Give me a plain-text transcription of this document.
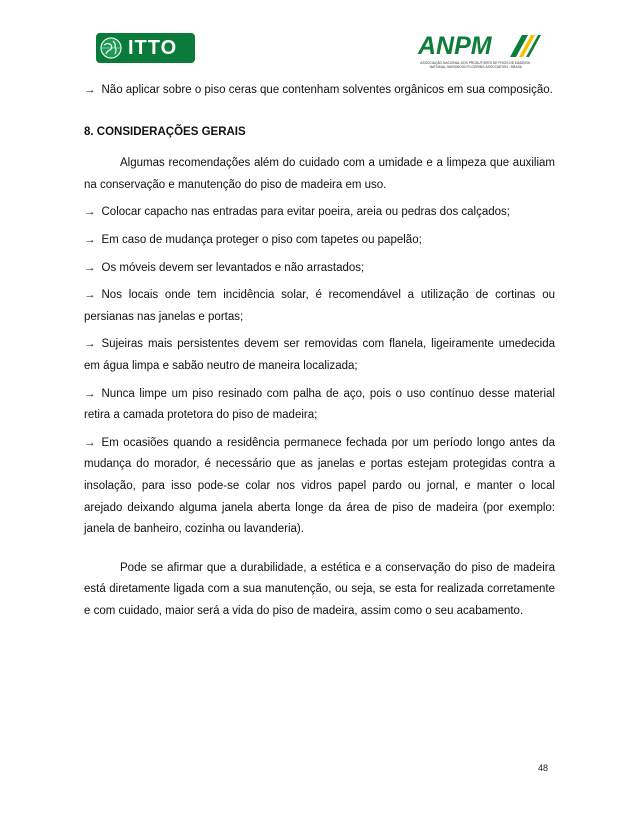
ITTO	ANPM
ASSOCIAÇÃO NACIONAL DOS PRODUTORES DE PISOS DE MADEIRA · NATIONAL HARDWOOD FLOORING ASSOCIATION · BRASIL

→ Não aplicar sobre o piso ceras que contenham solventes orgânicos em sua composição.

8. CONSIDERAÇÕES GERAIS

Algumas recomendações além do cuidado com a umidade e a limpeza que auxiliam na conservação e manutenção do piso de madeira em uso.

→ Colocar capacho nas entradas para evitar poeira, areia ou pedras dos calçados;

→ Em caso de mudança proteger o piso com tapetes ou papelão;

→ Os móveis devem ser levantados e não arrastados;

→ Nos locais onde tem incidência solar, é recomendável a utilização de cortinas ou persianas nas janelas e portas;

→ Sujeiras mais persistentes devem ser removidas com flanela, ligeiramente umedecida em água limpa e sabão neutro de maneira localizada;

→ Nunca limpe um piso resinado com palha de aço, pois o uso contínuo desse material retira a camada protetora do piso de madeira;

→ Em ocasiões quando a residência permanece fechada por um período longo antes da mudança do morador, é necessário que as janelas e portas estejam protegidas contra a insolação, para isso pode-se colar nos vidros papel pardo ou jornal, e manter o local arejado deixando alguma janela aberta longe da área de piso de madeira (por exemplo: janela de banheiro, cozinha ou lavanderia).

Pode se afirmar que a durabilidade, a estética e a conservação do piso de madeira está diretamente ligada com a sua manutenção, ou seja, se esta for realizada corretamente e com cuidado, maior será a vida do piso de madeira, assim como o seu acabamento.

48
